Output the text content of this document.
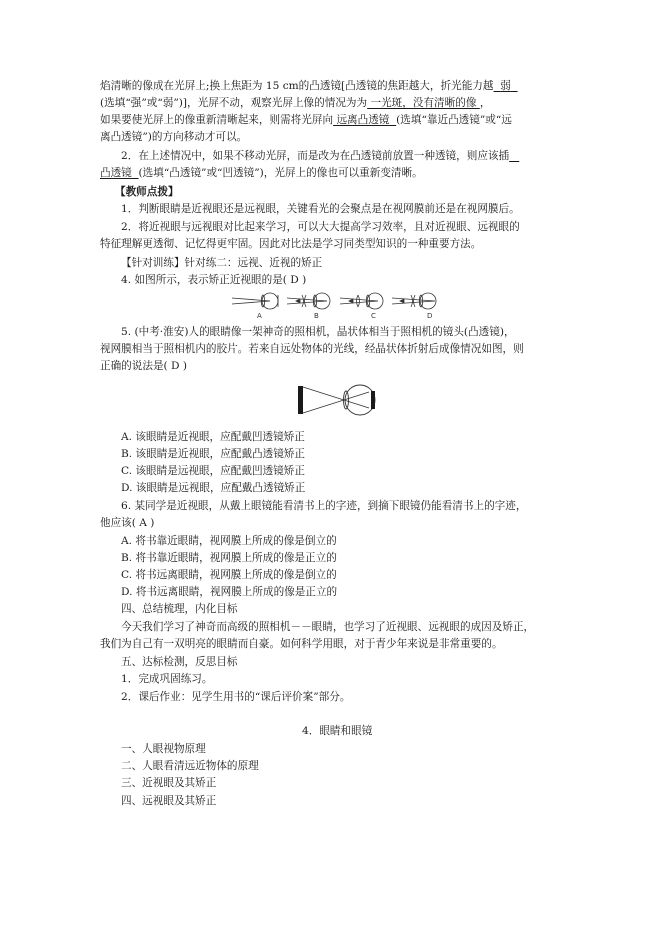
焰清晰的像成在光屏上;换上焦距为 15 cm的凸透镜[凸透镜的焦距越大，折光能力越 弱
(选填“强”或“弱”)]，光屏不动，观察光屏上像的情况为为 一光斑，没有清晰的像 ，
如果要使光屏上的像重新清晰起来，则需将光屏向 远离凸透镜 (选填“靠近凸透镜”或“远
离凸透镜”)的方向移动才可以。
2．在上述情况中，如果不移动光屏，而是改为在凸透镜前放置一种透镜，则应该插
凸透镜 (选填“凸透镜”或“凹透镜”)，光屏上的像也可以重新变清晰。
【教师点拨】
1．判断眼睛是近视眼还是远视眼，关键看光的会聚点是在视网膜前还是在视网膜后。
2．将近视眼与远视眼对比起来学习，可以大大提高学习效率，且对近视眼、远视眼的
特征理解更透彻、记忆得更牢固。因此对比法是学习同类型知识的一种重要方法。
【针对训练】针对练二：远视、近视的矫正
4. 如图所示，表示矫正近视眼的是( D )
A	B	C	D
5. (中考·淮安)人的眼睛像一架神奇的照相机，晶状体相当于照相机的镜头(凸透镜)，
视网膜相当于照相机内的胶片。若来自远处物体的光线，经晶状体折射后成像情况如图，则
正确的说法是( D )
A. 该眼睛是近视眼，应配戴凹透镜矫正
B. 该眼睛是近视眼，应配戴凸透镜矫正
C. 该眼睛是远视眼，应配戴凹透镜矫正
D. 该眼睛是远视眼，应配戴凸透镜矫正
6. 某同学是近视眼，从戴上眼镜能看清书上的字迹，到摘下眼镜仍能看清书上的字迹，
他应该( A )
A. 将书靠近眼睛，视网膜上所成的像是倒立的
B. 将书靠近眼睛，视网膜上所成的像是正立的
C. 将书远离眼睛，视网膜上所成的像是倒立的
D. 将书远离眼睛，视网膜上所成的像是正立的
四、总结梳理，内化目标
今天我们学习了神奇而高级的照相机－－眼睛，也学习了近视眼、远视眼的成因及矫正，
我们为自己有一双明亮的眼睛而自豪。如何科学用眼，对于青少年来说是非常重要的。
五、达标检测，反思目标
1．完成巩固练习。
2．课后作业：见学生用书的“课后评价案”部分。
4．眼睛和眼镜
一、人眼视物原理
二、人眼看清远近物体的原理
三、近视眼及其矫正
四、远视眼及其矫正
